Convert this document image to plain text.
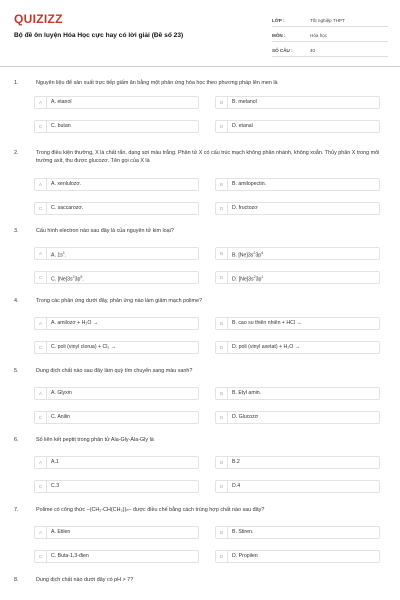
QUIZIZZ
Bộ đề ôn luyện Hóa Học cực hay có lời giải (Đề số 23)
LỚP :	Tốt nghiệp THPT
MÔN :	Hóa học
SỐ CÂU :	40
1.	Nguyên liệu để sản xuất trực tiếp giấm ăn bằng một phản ứng hóa học theo phương pháp lên men là
A	A. etanol	B	B. metanol
C	C. butan	D	D. etanal
2.	Trong điều kiện thường, X là chất rắn, dạng sợi màu trắng. Phân tử X có cấu trúc mạch không phân nhánh, không xoắn. Thủy phân X trong môi trường axit, thu được glucozơ. Tên gọi của X là
A	A. xenlulozơ.	B	B. amilopectin.
C	C. saccarozơ.	D	D. fructozơ
3.	Cấu hình electron nào sau đây là của nguyên tử kim loại?
A	A. $1s^1$.	B	B. $[Ne]3s^23p^4$
C	C. $[Ne]3s^23p^5$.	D	D. $[Ne]3s^23p^1$
4.	Trong các phản ứng dưới đây, phản ứng nào làm giảm mạch polime?
A	A. amilozơ + H₂O →	B	B. cao su thiên nhiên + HCl →
C	C. poli (vinyl clorua) + Cl₂ →	D	D. poli (vinyl axetat) + H₂O →
5.	Dung dịch chất nào sau đây làm quỳ tím chuyển sang màu xanh?
A	A. Glyxin	B	B. Etyl amin.
C	C. Anilin	D	D. Glucozơ
6.	Số liên kết peptit trong phân tử Ala-Gly-Ala-Gly là
A	A.1	B	B.2
C	C.3	D	D.4
7.	Polime có công thức –(CH₂-CH(CH₃))ₙ– được điều chế bằng cách trùng hợp chất nào sau đây?
A	A. Etilen	B	B. Stiren.
C	C. Buta-1,3-đien	D	D. Propilen
8.	Dung dịch chất nào dưới đây có pH > 7?
